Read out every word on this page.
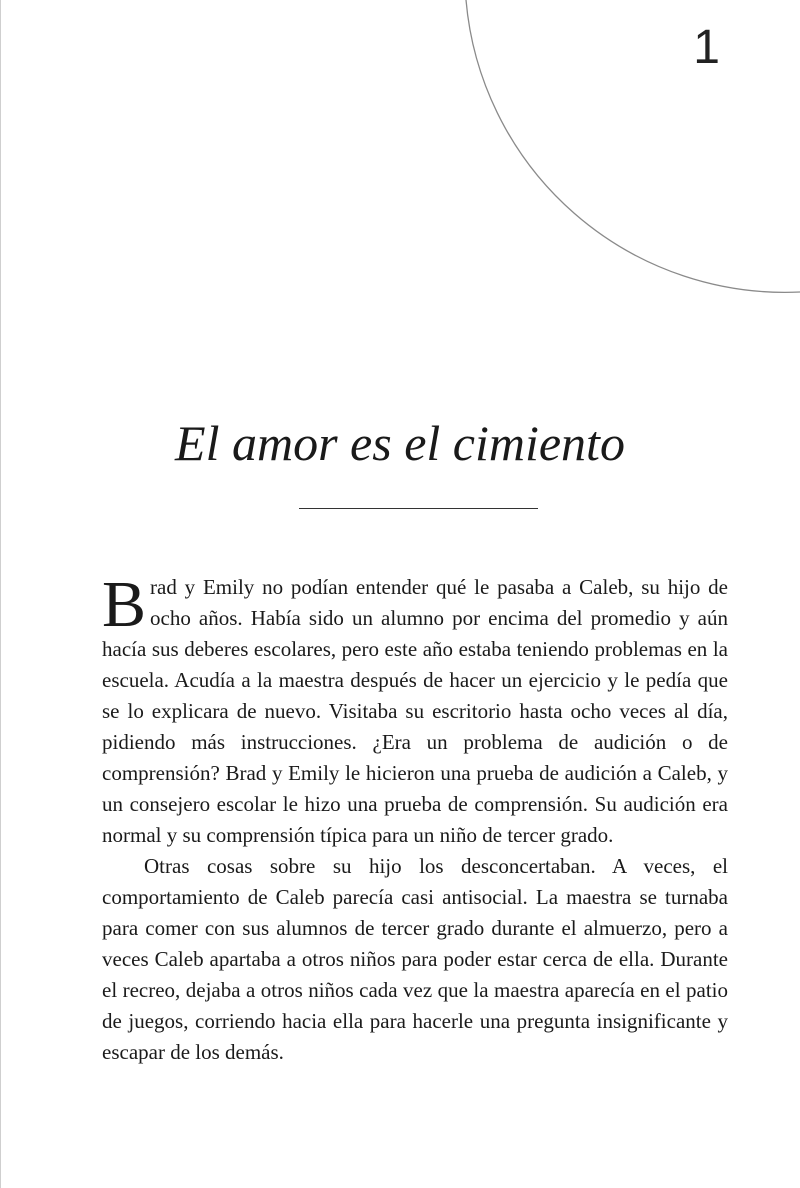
1
El amor es el cimiento

Brad y Emily no podían entender qué le pasaba a Caleb, su hijo de ocho años. Había sido un alumno por encima del promedio y aún hacía sus deberes escolares, pero este año estaba teniendo problemas en la escuela. Acudía a la maestra después de hacer un ejercicio y le pedía que se lo explicara de nuevo. Visitaba su escritorio hasta ocho veces al día, pidiendo más instrucciones. ¿Era un problema de audición o de comprensión? Brad y Emily le hicieron una prueba de audición a Caleb, y un consejero escolar le hizo una prueba de comprensión. Su audición era normal y su comprensión típica para un niño de tercer grado.

Otras cosas sobre su hijo los desconcertaban. A veces, el comportamiento de Caleb parecía casi antisocial. La maestra se turnaba para comer con sus alumnos de tercer grado durante el almuerzo, pero a veces Caleb apartaba a otros niños para poder estar cerca de ella. Durante el recreo, dejaba a otros niños cada vez que la maestra aparecía en el patio de juegos, corriendo hacia ella para hacerle una pregunta insignificante y escapar de los demás.
